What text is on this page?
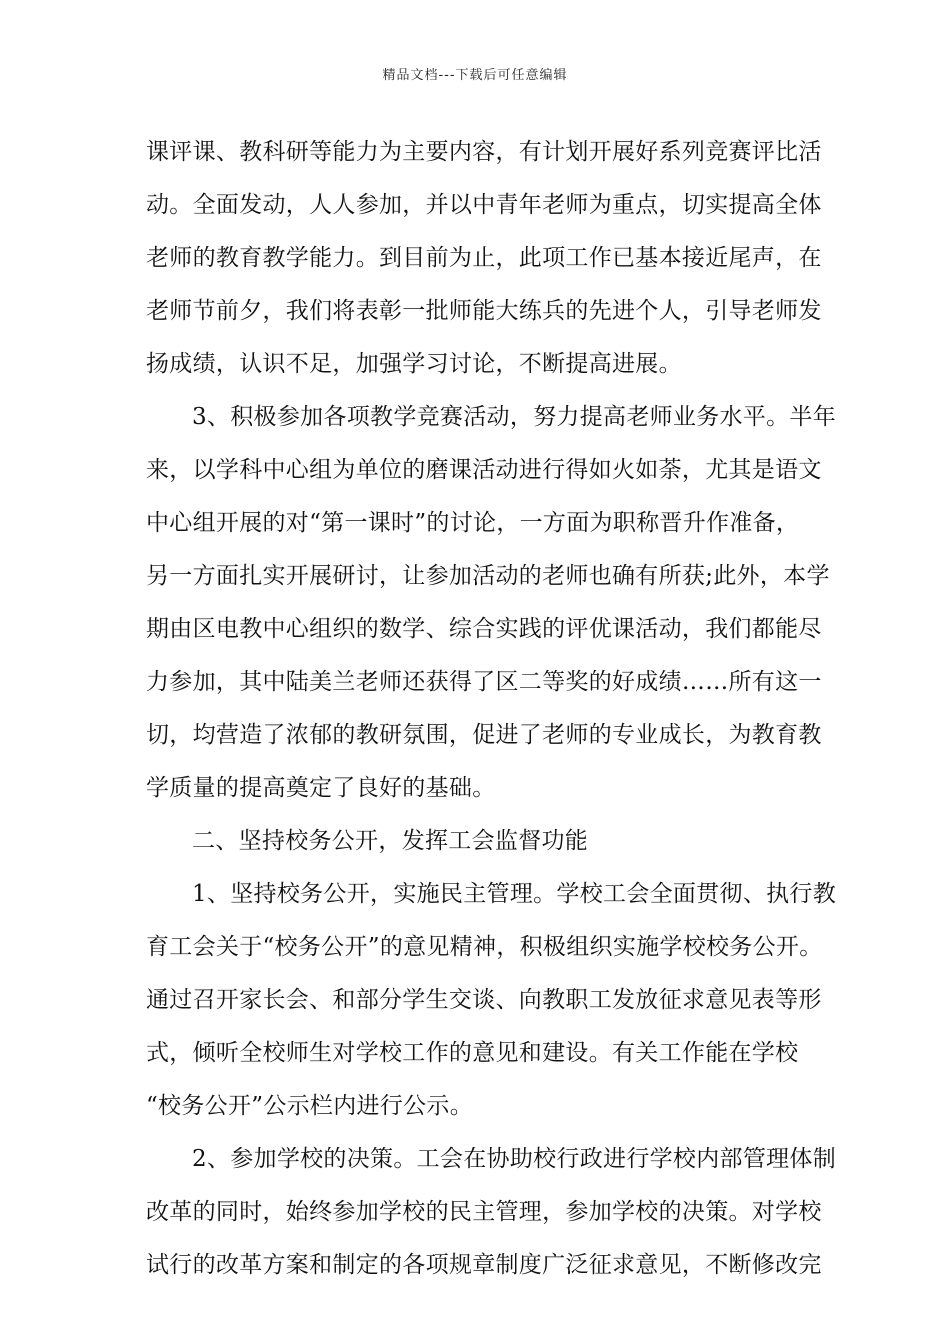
精品文档---下载后可任意编辑
课评课、教科研等能力为主要内容，有计划开展好系列竞赛评比活
动。全面发动，人人参加，并以中青年老师为重点，切实提高全体
老师的教育教学能力。到目前为止，此项工作已基本接近尾声，在
老师节前夕，我们将表彰一批师能大练兵的先进个人，引导老师发
扬成绩，认识不足，加强学习讨论，不断提高进展。
3、积极参加各项教学竞赛活动，努力提高老师业务水平。半年
来，以学科中心组为单位的磨课活动进行得如火如荼，尤其是语文
中心组开展的对“第一课时”的讨论，一方面为职称晋升作准备，
另一方面扎实开展研讨，让参加活动的老师也确有所获;此外，本学
期由区电教中心组织的数学、综合实践的评优课活动，我们都能尽
力参加，其中陆美兰老师还获得了区二等奖的好成绩……所有这一
切，均营造了浓郁的教研氛围，促进了老师的专业成长，为教育教
学质量的提高奠定了良好的基础。
二、坚持校务公开，发挥工会监督功能
1、坚持校务公开，实施民主管理。学校工会全面贯彻、执行教
育工会关于“校务公开”的意见精神，积极组织实施学校校务公开。
通过召开家长会、和部分学生交谈、向教职工发放征求意见表等形
式，倾听全校师生对学校工作的意见和建设。有关工作能在学校
“校务公开”公示栏内进行公示。
2、参加学校的决策。工会在协助校行政进行学校内部管理体制
改革的同时，始终参加学校的民主管理，参加学校的决策。对学校
试行的改革方案和制定的各项规章制度广泛征求意见，不断修改完
